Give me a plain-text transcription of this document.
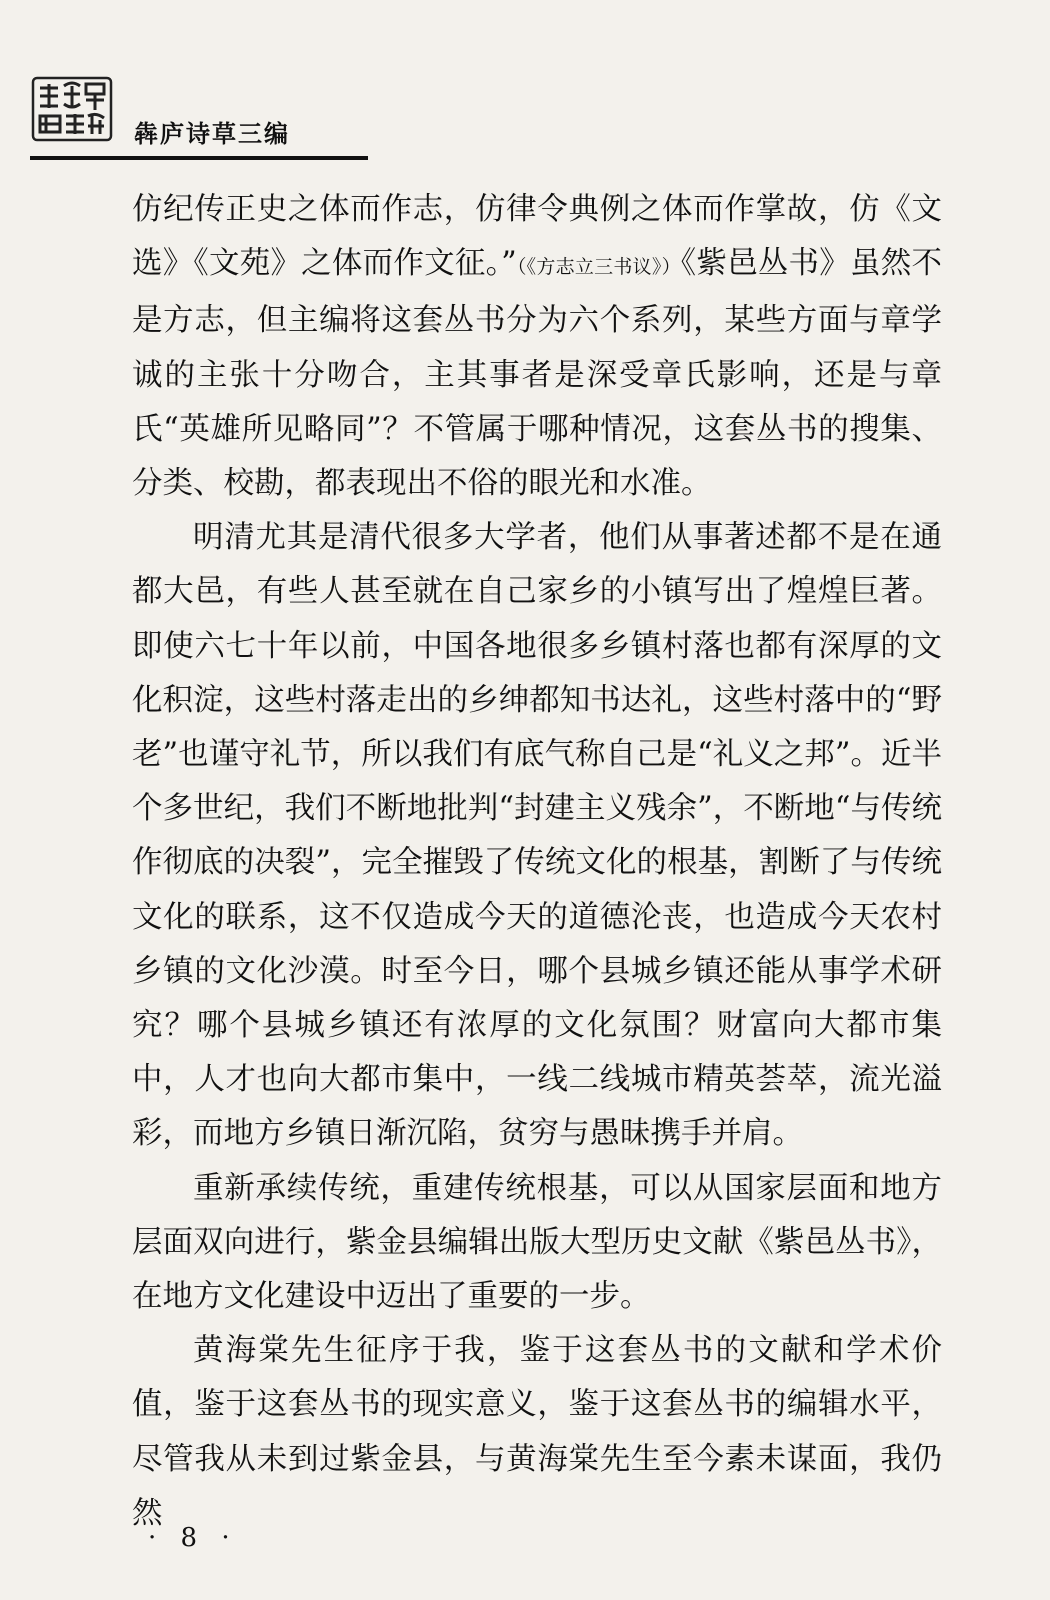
犇庐诗草三编

仿纪传正史之体而作志，仿律令典例之体而作掌故，仿《文选》《文苑》之体而作文征。”（《方志立三书议》）《紫邑丛书》虽然不是方志，但主编将这套丛书分为六个系列，某些方面与章学诚的主张十分吻合，主其事者是深受章氏影响，还是与章氏“英雄所见略同”？不管属于哪种情况，这套丛书的搜集、分类、校勘，都表现出不俗的眼光和水准。

明清尤其是清代很多大学者，他们从事著述都不是在通都大邑，有些人甚至就在自己家乡的小镇写出了煌煌巨著。即使六七十年以前，中国各地很多乡镇村落也都有深厚的文化积淀，这些村落走出的乡绅都知书达礼，这些村落中的“野老”也谨守礼节，所以我们有底气称自己是“礼义之邦”。近半个多世纪，我们不断地批判“封建主义残余”，不断地“与传统作彻底的决裂”，完全摧毁了传统文化的根基，割断了与传统文化的联系，这不仅造成今天的道德沦丧，也造成今天农村乡镇的文化沙漠。时至今日，哪个县城乡镇还能从事学术研究？哪个县城乡镇还有浓厚的文化氛围？财富向大都市集中，人才也向大都市集中，一线二线城市精英荟萃，流光溢彩，而地方乡镇日渐沉陷，贫穷与愚昧携手并肩。

重新承续传统，重建传统根基，可以从国家层面和地方层面双向进行，紫金县编辑出版大型历史文献《紫邑丛书》，在地方文化建设中迈出了重要的一步。

黄海棠先生征序于我，鉴于这套丛书的文献和学术价值，鉴于这套丛书的现实意义，鉴于这套丛书的编辑水平，尽管我从未到过紫金县，与黄海棠先生至今素未谋面，我仍然

· 8 ·
